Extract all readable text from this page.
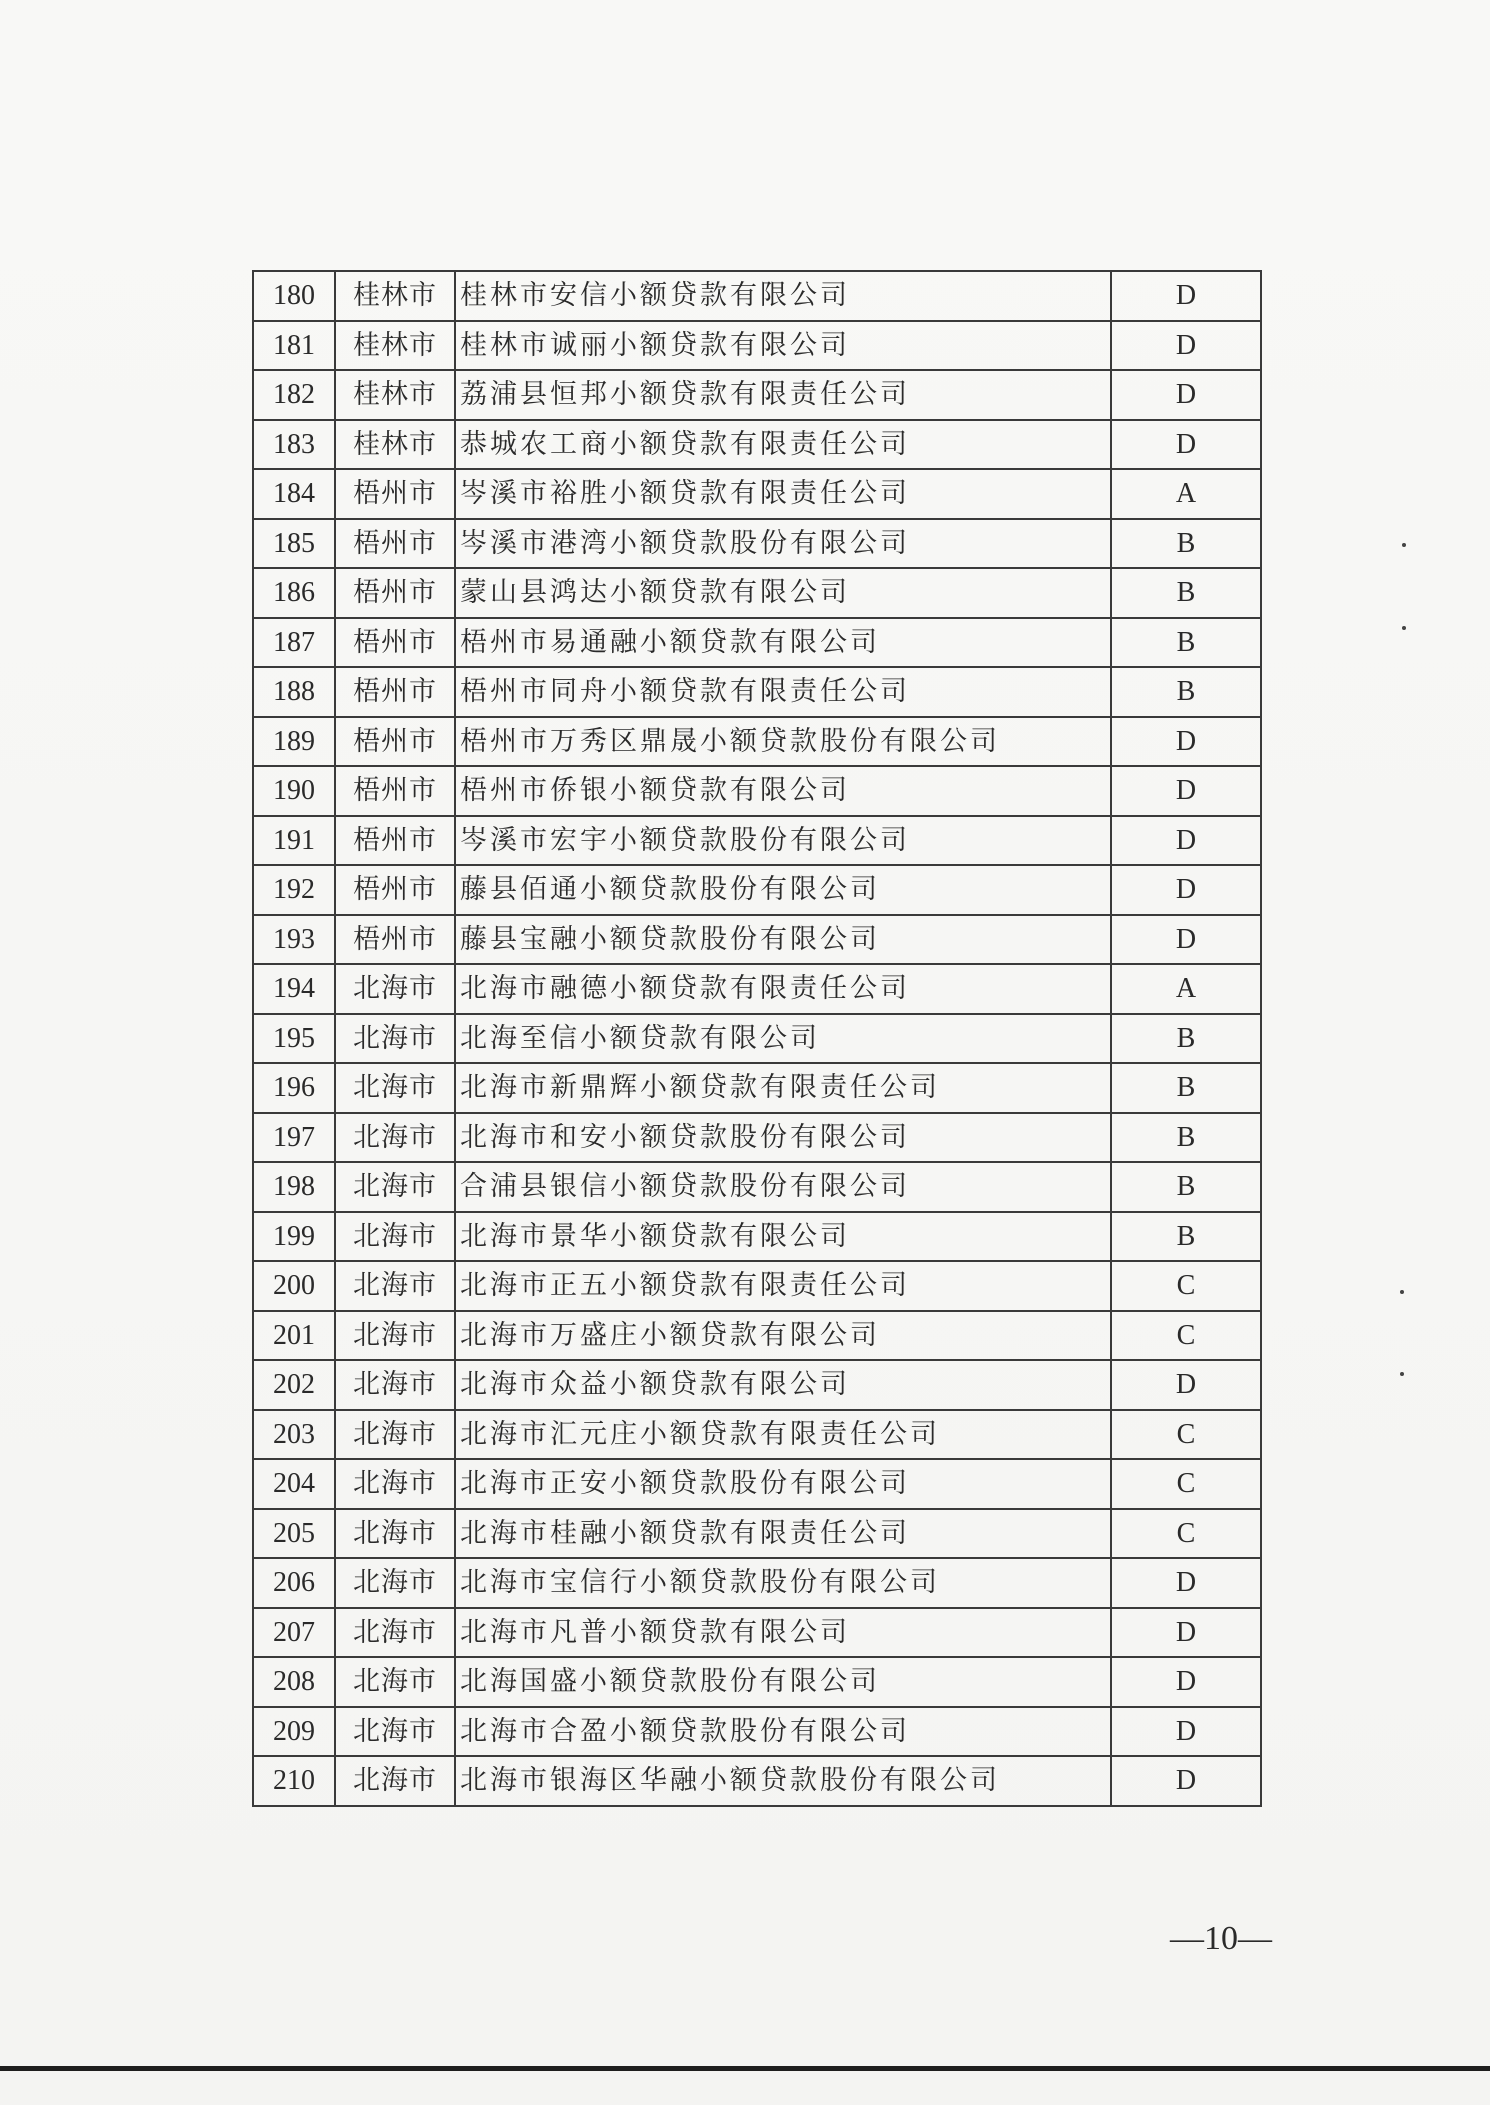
180	桂林市	桂林市安信小额贷款有限公司	D
181	桂林市	桂林市诚丽小额贷款有限公司	D
182	桂林市	荔浦县恒邦小额贷款有限责任公司	D
183	桂林市	恭城农工商小额贷款有限责任公司	D
184	梧州市	岑溪市裕胜小额贷款有限责任公司	A
185	梧州市	岑溪市港湾小额贷款股份有限公司	B
186	梧州市	蒙山县鸿达小额贷款有限公司	B
187	梧州市	梧州市易通融小额贷款有限公司	B
188	梧州市	梧州市同舟小额贷款有限责任公司	B
189	梧州市	梧州市万秀区鼎晟小额贷款股份有限公司	D
190	梧州市	梧州市侨银小额贷款有限公司	D
191	梧州市	岑溪市宏宇小额贷款股份有限公司	D
192	梧州市	藤县佰通小额贷款股份有限公司	D
193	梧州市	藤县宝融小额贷款股份有限公司	D
194	北海市	北海市融德小额贷款有限责任公司	A
195	北海市	北海至信小额贷款有限公司	B
196	北海市	北海市新鼎辉小额贷款有限责任公司	B
197	北海市	北海市和安小额贷款股份有限公司	B
198	北海市	合浦县银信小额贷款股份有限公司	B
199	北海市	北海市景华小额贷款有限公司	B
200	北海市	北海市正五小额贷款有限责任公司	C
201	北海市	北海市万盛庄小额贷款有限公司	C
202	北海市	北海市众益小额贷款有限公司	D
203	北海市	北海市汇元庄小额贷款有限责任公司	C
204	北海市	北海市正安小额贷款股份有限公司	C
205	北海市	北海市桂融小额贷款有限责任公司	C
206	北海市	北海市宝信行小额贷款股份有限公司	D
207	北海市	北海市凡普小额贷款有限公司	D
208	北海市	北海国盛小额贷款股份有限公司	D
209	北海市	北海市合盈小额贷款股份有限公司	D
210	北海市	北海市银海区华融小额贷款股份有限公司	D
—10—
